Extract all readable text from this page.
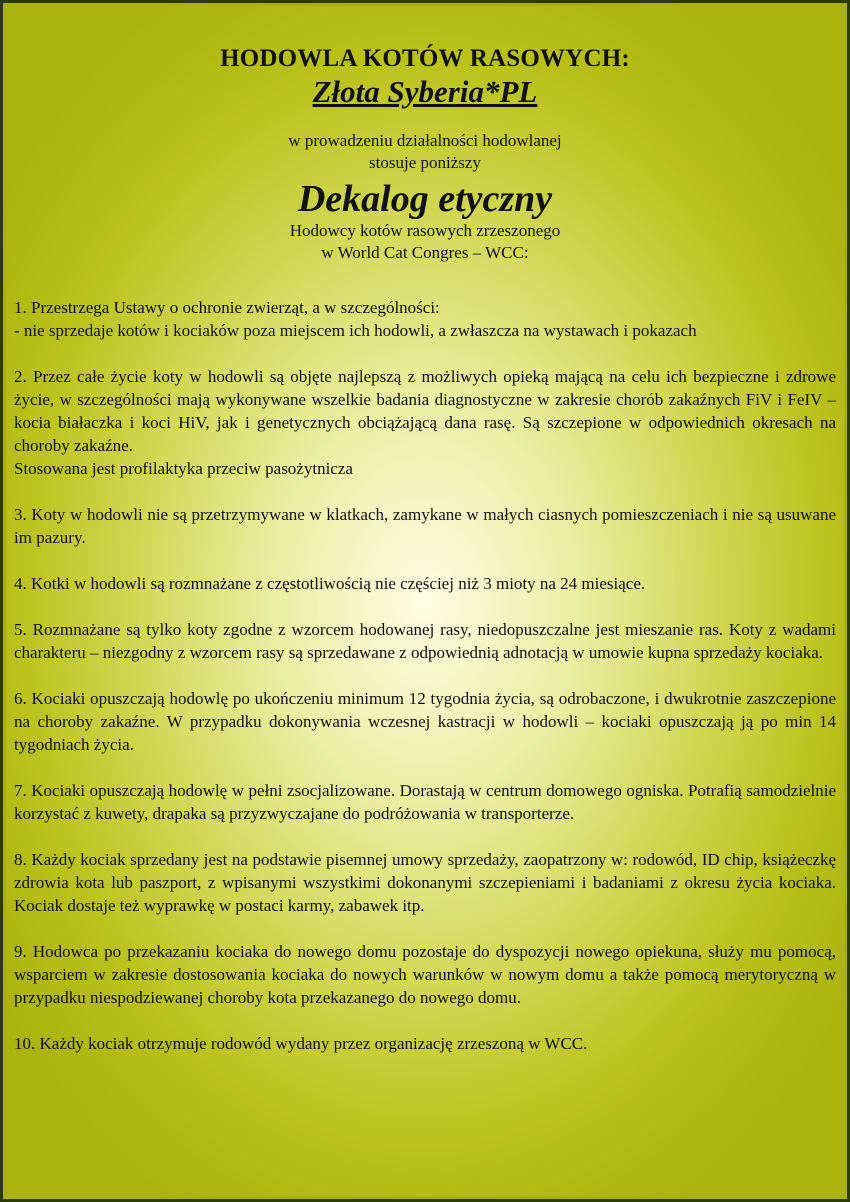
HODOWLA KOTÓW RASOWYCH:
Złota Syberia*PL
w prowadzeniu działalności hodowlanej
stosuje poniższy
Dekalog etyczny
Hodowcy kotów rasowych zrzeszonego
w World Cat Congres – WCC:
1. Przestrzega Ustawy o ochronie zwierząt, a w szczególności:
- nie sprzedaje kotów i kociaków poza miejscem ich hodowli, a zwłaszcza na wystawach i pokazach
2. Przez całe życie koty w hodowli są objęte najlepszą z możliwych opieką mającą na celu ich bezpieczne i zdrowe życie, w szczególności mają wykonywane wszelkie badania diagnostyczne w zakresie chorób zakaźnych FiV i FeIV – kocia białaczka i koci HiV, jak i genetycznych obciążającą dana rasę. Są szczepione w odpowiednich okresach na choroby zakaźne.
Stosowana jest profilaktyka przeciw pasożytnicza
3. Koty w hodowli nie są przetrzymywane w klatkach, zamykane w małych ciasnych pomieszczeniach i nie są usuwane im pazury.
4. Kotki w hodowli są rozmnażane z częstotliwością nie częściej niż 3 mioty na 24 miesiące.
5. Rozmnażane są tylko koty zgodne z wzorcem hodowanej rasy, niedopuszczalne jest mieszanie ras. Koty z wadami charakteru – niezgodny z wzorcem rasy są sprzedawane z odpowiednią adnotacją w umowie kupna sprzedaży kociaka.
6. Kociaki opuszczają hodowlę po ukończeniu minimum 12 tygodnia życia, są odrobaczone, i dwukrotnie zaszczepione na choroby zakaźne. W przypadku dokonywania wczesnej kastracji w hodowli – kociaki opuszczają ją po min 14 tygodniach życia.
7. Kociaki opuszczają hodowlę w pełni zsocjalizowane. Dorastają w centrum domowego ogniska. Potrafią samodzielnie korzystać z kuwety, drapaka są przyzwyczajane do podróżowania w transporterze.
8. Każdy kociak sprzedany jest na podstawie pisemnej umowy sprzedaży, zaopatrzony w: rodowód, ID chip, książeczkę zdrowia kota lub paszport, z wpisanymi wszystkimi dokonanymi szczepieniami i badaniami z okresu życia kociaka. Kociak dostaje też wyprawkę w postaci karmy, zabawek itp.
9. Hodowca po przekazaniu kociaka do nowego domu pozostaje do dyspozycji nowego opiekuna, służy mu pomocą, wsparciem w zakresie dostosowania kociaka do nowych warunków w nowym domu a także pomocą merytoryczną w przypadku niespodziewanej choroby kota przekazanego do nowego domu.
10. Każdy kociak otrzymuje rodowód wydany przez organizację zrzeszoną w WCC.
